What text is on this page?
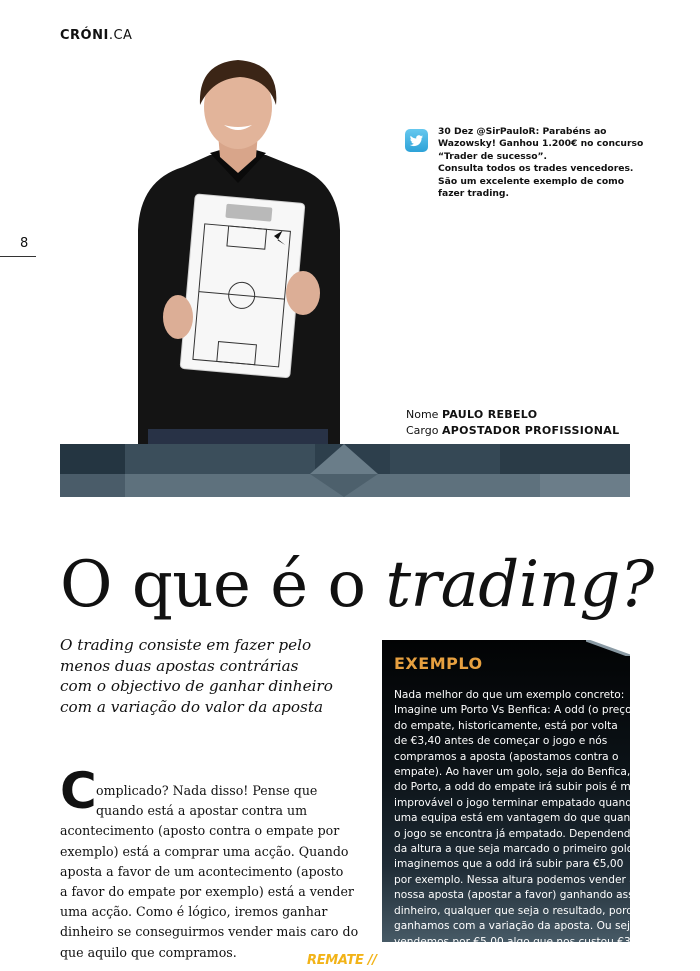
CRÓNI.CA
8
30 Dez @SirPauloR: Parabéns ao
Wazowsky! Ganhou 1.200€ no concurso
“Trader de sucesso”.
Consulta todos os trades vencedores.
São um excelente exemplo de como
fazer trading.
Nome PAULO REBELO
Cargo APOSTADOR PROFISSIONAL
O que é o trading?
O trading consiste em fazer pelo
menos duas apostas contrárias
com o objectivo de ganhar dinheiro
com a variação do valor da aposta
C omplicado? Nada disso! Pense que
quando está a apostar contra um
acontecimento (aposto contra o empate por
exemplo) está a comprar uma acção. Quando
aposta a favor de um acontecimento (aposto
a favor do empate por exemplo) está a vender
uma acção. Como é lógico, iremos ganhar
dinheiro se conseguirmos vender mais caro do
que aquilo que compramos.
EXEMPLO
Nada melhor do que um exemplo concreto:
Imagine um Porto Vs Benfica: A odd (o preço)
do empate, historicamente, está por volta
de €3,40 antes de começar o jogo e nós
compramos a aposta (apostamos contra o
empate). Ao haver um golo, seja do Benfica, ou
do Porto, a odd do empate irá subir pois é mais
improvável o jogo terminar empatado quando
uma equipa está em vantagem do que quando
o jogo se encontra já empatado. Dependendo
da altura a que seja marcado o primeiro golo,
imaginemos que a odd irá subir para €5,00
por exemplo. Nessa altura podemos vender a
nossa aposta (apostar a favor) ganhando assim
dinheiro, qualquer que seja o resultado, porque
ganhamos com a variação da aposta. Ou seja,
vendemos por €5,00 algo que nos custou €3,40.
REMATE //
